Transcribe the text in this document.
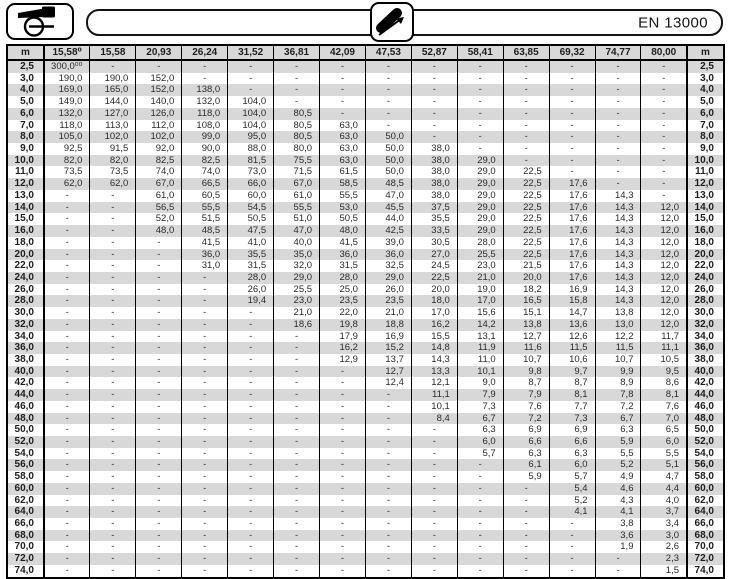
EN 13000
m	15,58⁰	15,58	20,93	26,24	31,52	36,81	42,09	47,53	52,87	58,41	63,85	69,32	74,77	80,00	m
2,5	300,0⁰⁰	-	-	-	-	-	-	-	-	-	-	-	-	-	2,5
3,0	190,0	190,0	152,0	-	-	-	-	-	-	-	-	-	-	-	3,0
4,0	169,0	165,0	152,0	138,0	-	-	-	-	-	-	-	-	-	-	4,0
5,0	149,0	144,0	140,0	132,0	104,0	-	-	-	-	-	-	-	-	-	5,0
6,0	132,0	127,0	126,0	118,0	104,0	80,5	-	-	-	-	-	-	-	-	6,0
7,0	118,0	113,0	112,0	108,0	104,0	80,5	63,0	-	-	-	-	-	-	-	7,0
8,0	105,0	102,0	102,0	99,0	95,0	80,5	63,0	50,0	-	-	-	-	-	-	8,0
9,0	92,5	91,5	92,0	90,0	88,0	80,0	63,0	50,0	38,0	-	-	-	-	-	9,0
10,0	82,0	82,0	82,5	82,5	81,5	75,5	63,0	50,0	38,0	29,0	-	-	-	-	10,0
11,0	73,5	73,5	74,0	74,0	73,0	71,5	61,5	50,0	38,0	29,0	22,5	-	-	-	11,0
12,0	62,0	62,0	67,0	66,5	66,0	67,0	58,5	48,5	38,0	29,0	22,5	17,6	-	-	12,0
13,0	-	-	61,0	60,5	60,0	61,0	55,5	47,0	38,0	29,0	22,5	17,6	14,3	-	13,0
14,0	-	-	56,5	55,5	54,5	55,5	53,0	45,5	37,5	29,0	22,5	17,6	14,3	12,0	14,0
15,0	-	-	52,0	51,5	50,5	51,0	50,5	44,0	35,5	29,0	22,5	17,6	14,3	12,0	15,0
16,0	-	-	48,0	48,5	47,5	47,0	48,0	42,5	33,5	29,0	22,5	17,6	14,3	12,0	16,0
18,0	-	-	-	41,5	41,0	40,0	41,5	39,0	30,5	28,0	22,5	17,6	14,3	12,0	18,0
20,0	-	-	-	36,0	35,5	35,0	36,0	36,0	27,0	25,5	22,5	17,6	14,3	12,0	20,0
22,0	-	-	-	31,0	31,5	32,0	31,5	32,5	24,5	23,0	21,5	17,6	14,3	12,0	22,0
24,0	-	-	-	-	28,0	29,0	28,0	29,0	22,5	21,0	20,0	17,6	14,3	12,0	24,0
26,0	-	-	-	-	26,0	25,5	25,0	26,0	20,0	19,0	18,2	16,9	14,3	12,0	26,0
28,0	-	-	-	-	19,4	23,0	23,5	23,5	18,0	17,0	16,5	15,8	14,3	12,0	28,0
30,0	-	-	-	-	-	21,0	22,0	21,0	17,0	15,6	15,1	14,7	13,8	12,0	30,0
32,0	-	-	-	-	-	18,6	19,8	18,8	16,2	14,2	13,8	13,6	13,0	12,0	32,0
34,0	-	-	-	-	-	-	17,9	16,9	15,5	13,1	12,7	12,6	12,2	11,7	34,0
36,0	-	-	-	-	-	-	16,2	15,2	14,8	11,9	11,6	11,5	11,5	11,1	36,0
38,0	-	-	-	-	-	-	12,9	13,7	14,3	11,0	10,7	10,6	10,7	10,5	38,0
40,0	-	-	-	-	-	-	-	12,7	13,3	10,1	9,8	9,7	9,9	9,5	40,0
42,0	-	-	-	-	-	-	-	12,4	12,1	9,0	8,7	8,7	8,9	8,6	42,0
44,0	-	-	-	-	-	-	-	-	11,1	7,9	7,9	8,1	7,8	8,1	44,0
46,0	-	-	-	-	-	-	-	-	10,1	7,3	7,6	7,7	7,2	7,6	46,0
48,0	-	-	-	-	-	-	-	-	8,4	6,7	7,2	7,3	6,7	7,0	48,0
50,0	-	-	-	-	-	-	-	-	-	6,3	6,9	6,9	6,3	6,5	50,0
52,0	-	-	-	-	-	-	-	-	-	6,0	6,6	6,6	5,9	6,0	52,0
54,0	-	-	-	-	-	-	-	-	-	5,7	6,3	6,3	5,5	5,5	54,0
56,0	-	-	-	-	-	-	-	-	-	-	6,1	6,0	5,2	5,1	56,0
58,0	-	-	-	-	-	-	-	-	-	-	5,9	5,7	4,9	4,7	58,0
60,0	-	-	-	-	-	-	-	-	-	-	-	5,4	4,6	4,4	60,0
62,0	-	-	-	-	-	-	-	-	-	-	-	5,2	4,3	4,0	62,0
64,0	-	-	-	-	-	-	-	-	-	-	-	4,1	4,1	3,7	64,0
66,0	-	-	-	-	-	-	-	-	-	-	-	-	3,8	3,4	66,0
68,0	-	-	-	-	-	-	-	-	-	-	-	-	3,6	3,0	68,0
70,0	-	-	-	-	-	-	-	-	-	-	-	-	1,9	2,6	70,0
72,0	-	-	-	-	-	-	-	-	-	-	-	-	-	2,3	72,0
74,0	-	-	-	-	-	-	-	-	-	-	-	-	-	1,5	74,0
